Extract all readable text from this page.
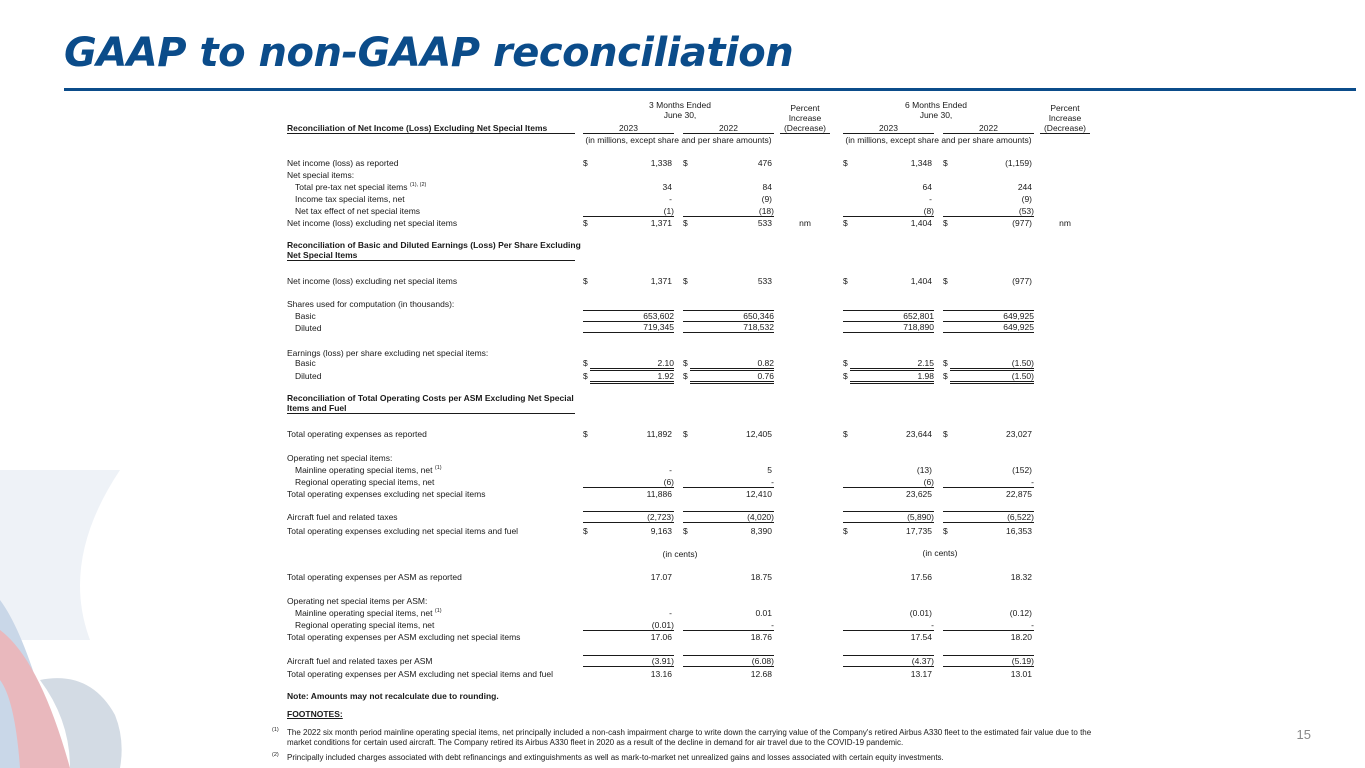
GAAP to non-GAAP reconciliation
3 Months Ended
June 30,
6 Months Ended
June 30,
Percent
Increase
(Decrease)
Percent
Increase
(Decrease)
Reconciliation of Net Income (Loss) Excluding Net Special Items	2023	2022	2023	2022
(in millions, except share and per share amounts)	(in millions, except share and per share amounts)
Net income (loss) as reported	$	1,338 $	476	$	1,348 $	(1,159)
Net special items:
Total pre-tax net special items $^{(1), (2)}$	34	84	64	244
Income tax special items, net	-	(9)	-	(9)
Net tax effect of net special items	(1)	(18)	(8)	(53)
Net income (loss) excluding net special items	$	1,371 $	533	nm	$	1,404 $	(977)	nm
Reconciliation of Basic and Diluted Earnings (Loss) Per Share Excluding
Net Special Items
Net income (loss) excluding net special items	$	1,371 $	533	$	1,404 $	(977)
Shares used for computation (in thousands):
Basic	653,602	650,346	652,801	649,925
Diluted	719,345	718,532	718,890	649,925
Earnings (loss) per share excluding net special items:
Basic	$	2.10 $	0.82	$	2.15 $	(1.50)
Diluted	$	1.92 $	0.76	$	1.98 $	(1.50)
Reconciliation of Total Operating Costs per ASM Excluding Net Special
Items and Fuel
Total operating expenses as reported	$	11,892 $	12,405	$	23,644 $	23,027
Operating net special items:
Mainline operating special items, net $^{(1)}$	-	5	(13)	(152)
Regional operating special items, net	(6)	-	(6)	-
Total operating expenses excluding net special items	11,886	12,410	23,625	22,875
Aircraft fuel and related taxes	(2,723)	(4,020)	(5,890)	(6,522)
Total operating expenses excluding net special items and fuel	$	9,163 $	8,390	$	17,735 $	16,353
(in cents)	(in cents)
Total operating expenses per ASM as reported	17.07	18.75	17.56	18.32
Operating net special items per ASM:
Mainline operating special items, net $^{(1)}$	-	0.01	(0.01)	(0.12)
Regional operating special items, net	(0.01)	-	-	-
Total operating expenses per ASM excluding net special items	17.06	18.76	17.54	18.20
Aircraft fuel and related taxes per ASM	(3.91)	(6.08)	(4.37)	(5.19)
Total operating expenses per ASM excluding net special items and fuel	13.16	12.68	13.17	13.01
Note: Amounts may not recalculate due to rounding.
FOOTNOTES:
(1) The 2022 six month period mainline operating special items, net principally included a non-cash impairment charge to write down the carrying value of the Company's retired Airbus A330 fleet to the estimated fair value due to the market conditions for certain used aircraft. The Company retired its Airbus A330 fleet in 2020 as a result of the decline in demand for air travel due to the COVID-19 pandemic.
(2) Principally included charges associated with debt refinancings and extinguishments as well as mark-to-market net unrealized gains and losses associated with certain equity investments.
15
